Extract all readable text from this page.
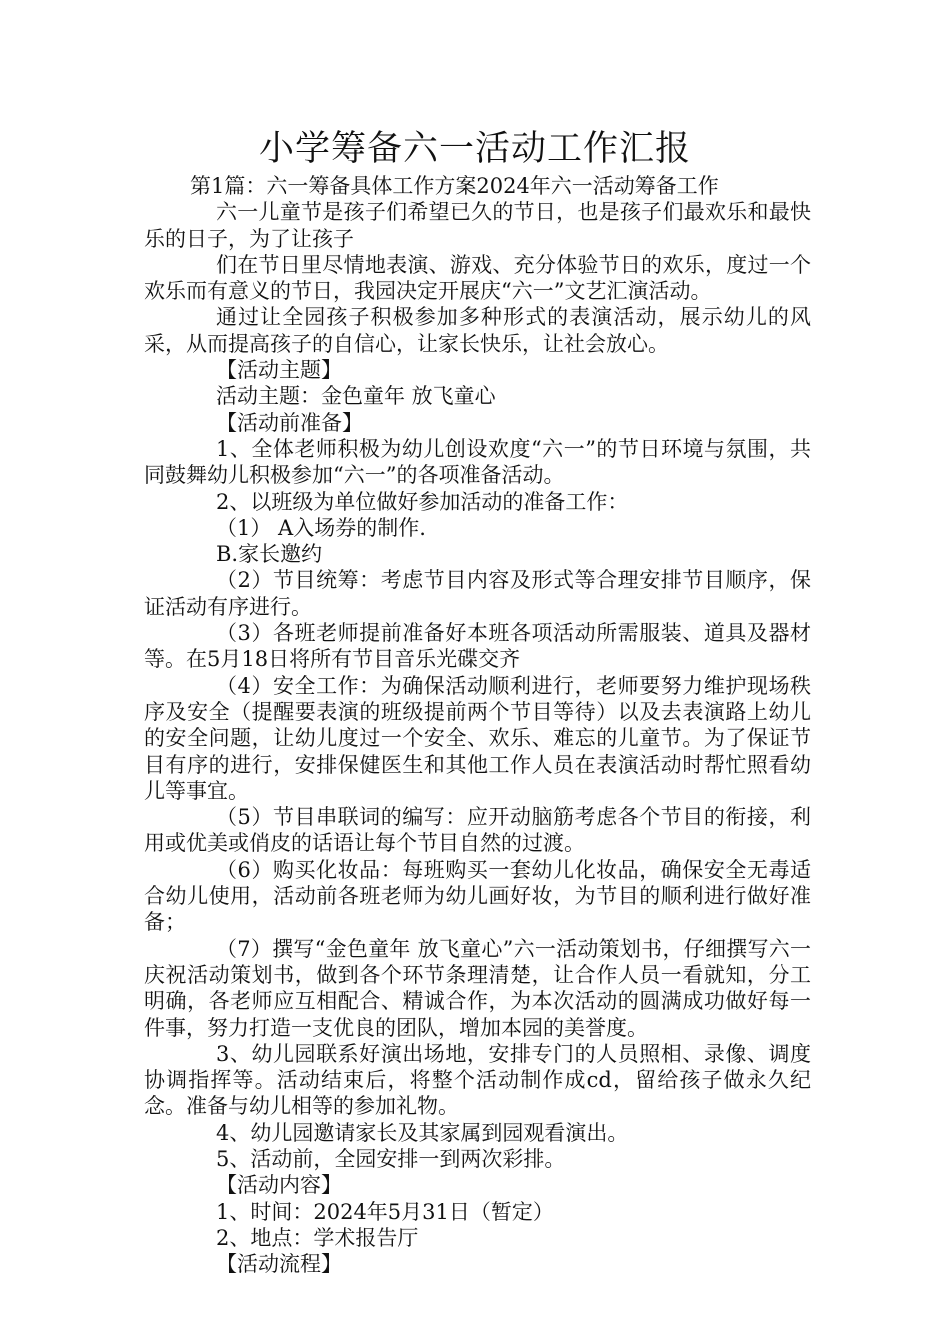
小学筹备六一活动工作汇报

第1篇：六一筹备具体工作方案2024年六一活动筹备工作

六一儿童节是孩子们希望已久的节日，也是孩子们最欢乐和最快乐的日子，为了让孩子

们在节日里尽情地表演、游戏、充分体验节日的欢乐，度过一个欢乐而有意义的节日，我园决定开展庆“六一”文艺汇演活动。

通过让全园孩子积极参加多种形式的表演活动，展示幼儿的风采，从而提高孩子的自信心，让家长快乐，让社会放心。

【活动主题】

活动主题：金色童年 放飞童心

【活动前准备】

1、全体老师积极为幼儿创设欢度“六一”的节日环境与氛围，共同鼓舞幼儿积极参加“六一”的各项准备活动。

2、以班级为单位做好参加活动的准备工作：

（1） A入场券的制作.

B.家长邀约

（2）节目统筹：考虑节目内容及形式等合理安排节目顺序，保证活动有序进行。

（3）各班老师提前准备好本班各项活动所需服装、道具及器材等。在5月18日将所有节目音乐光碟交齐

（4）安全工作：为确保活动顺利进行，老师要努力维护现场秩序及安全（提醒要表演的班级提前两个节目等待）以及去表演路上幼儿的安全问题，让幼儿度过一个安全、欢乐、难忘的儿童节。为了保证节目有序的进行，安排保健医生和其他工作人员在表演活动时帮忙照看幼儿等事宜。

（5）节目串联词的编写：应开动脑筋考虑各个节目的衔接，利用或优美或俏皮的话语让每个节目自然的过渡。

（6）购买化妆品：每班购买一套幼儿化妆品，确保安全无毒适合幼儿使用，活动前各班老师为幼儿画好妆，为节目的顺利进行做好准备；

（7）撰写“金色童年 放飞童心”六一活动策划书，仔细撰写六一庆祝活动策划书，做到各个环节条理清楚，让合作人员一看就知，分工明确，各老师应互相配合、精诚合作，为本次活动的圆满成功做好每一件事，努力打造一支优良的团队，增加本园的美誉度。

3、幼儿园联系好演出场地，安排专门的人员照相、录像、调度协调指挥等。活动结束后，将整个活动制作成cd，留给孩子做永久纪念。准备与幼儿相等的参加礼物。

4、幼儿园邀请家长及其家属到园观看演出。

5、活动前，全园安排一到两次彩排。

【活动内容】

1、时间：2024年5月31日（暂定）

2、地点：学术报告厅

【活动流程】
